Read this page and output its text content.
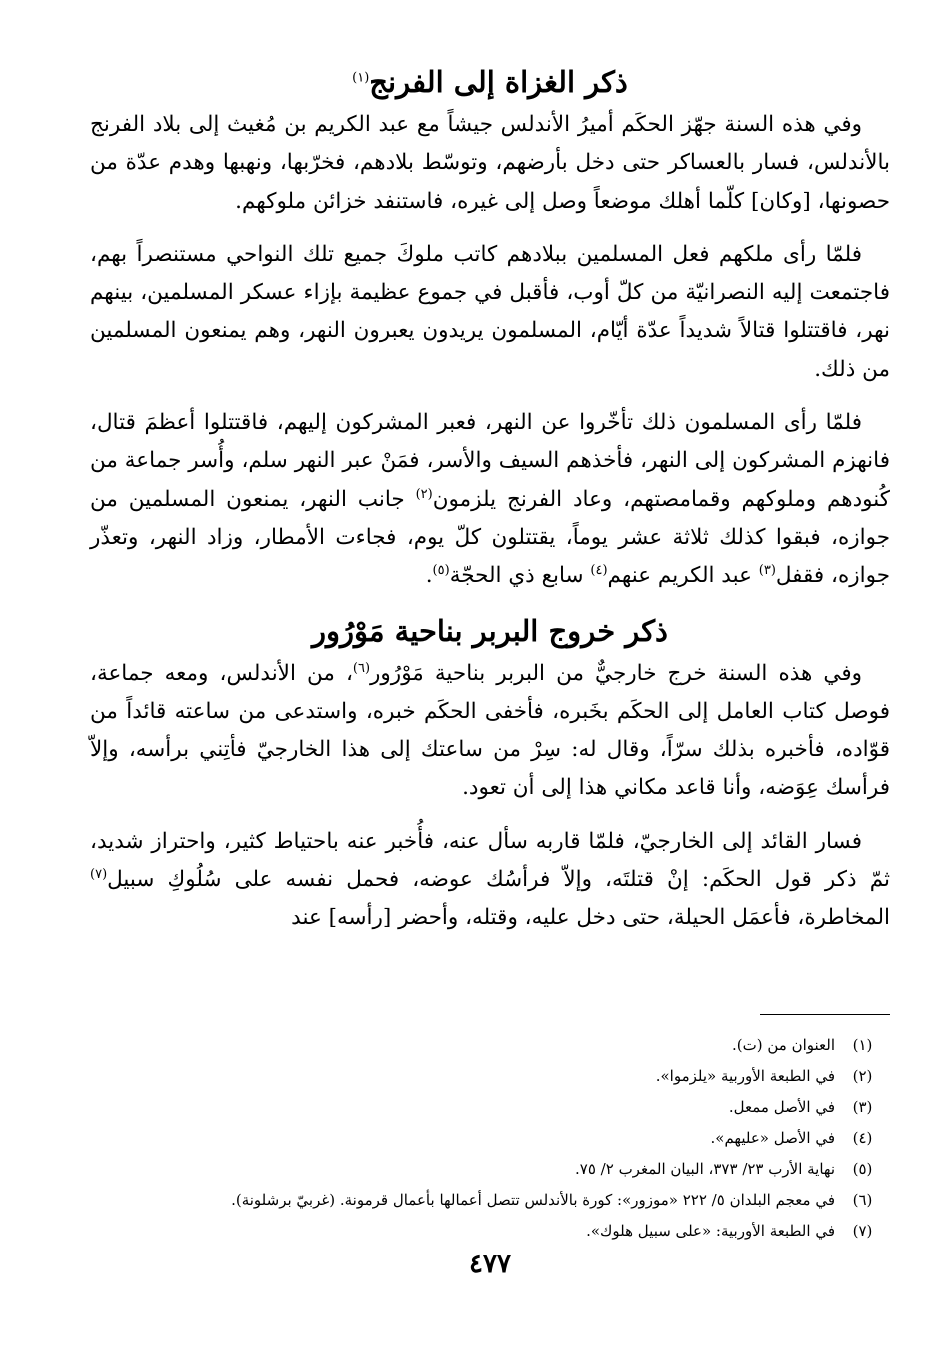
ذكر الغزاة إلى الفرنج$^{(١)}$

وفي هذه السنة جهّز الحكَم أميرُ الأندلس جيشاً مع عبد الكريم بن مُغيث إلى بلاد الفرنج بالأندلس، فسار بالعساكر حتى دخل بأرضهم، وتوسّط بلادهم، فخرّبها، ونهبها وهدم عدّة من حصونها، [وكان] كلّما أهلك موضعاً وصل إلى غيره، فاستنفد خزائن ملوكهم.

فلمّا رأى ملكهم فعل المسلمين ببلادهم كاتب ملوكَ جميع تلك النواحي مستنصراً بهم، فاجتمعت إليه النصرانيّة من كلّ أوب، فأقبل في جموع عظيمة بإزاء عسكر المسلمين، بينهم نهر، فاقتتلوا قتالاً شديداً عدّة أيّام، المسلمون يريدون يعبرون النهر، وهم يمنعون المسلمين من ذلك.

فلمّا رأى المسلمون ذلك تأخّروا عن النهر، فعبر المشركون إليهم، فاقتتلوا أعظمَ قتال، فانهزم المشركون إلى النهر، فأخذهم السيف والأسر، فمَنْ عبر النهر سلم، وأُسر جماعة من كُنودهم وملوكهم وقمامصتهم، وعاد الفرنج يلزمون$^{(٢)}$ جانب النهر، يمنعون المسلمين من جوازه، فبقوا كذلك ثلاثة عشر يوماً، يقتتلون كلّ يوم، فجاءت الأمطار، وزاد النهر، وتعذّر جوازه، فقفل$^{(٣)}$ عبد الكريم عنهم$^{(٤)}$ سابع ذي الحجّة$^{(٥)}$.

ذكر خروج البربر بناحية مَوْرُور

وفي هذه السنة خرج خارجيٌّ من البربر بناحية مَوْرُور$^{(٦)}$، من الأندلس، ومعه جماعة، فوصل كتاب العامل إلى الحكَم بخَبره، فأخفى الحكَم خبره، واستدعى من ساعته قائداً من قوّاده، فأخبره بذلك سرّاً، وقال له: سِرْ من ساعتك إلى هذا الخارجيّ فأتِني برأسه، وإلاّ فرأسك عِوَضه، وأنا قاعد مكاني هذا إلى أن تعود.

فسار القائد إلى الخارجيّ، فلمّا قاربه سأل عنه، فأُخبر عنه باحتياط كثير، واحتراز شديد، ثمّ ذكر قول الحكَم: إنْ قتلتَه، وإلاّ فرأسُك عوضه، فحمل نفسه على سُلُوكِ سبيل$^{(٧)}$ المخاطرة، فأعمَل الحيلة، حتى دخل عليه، وقتله، وأحضر [رأسه] عند

(١)
العنوان من (ت).
(٢)
في الطبعة الأوربية «يلزموا».
(٣)
في الأصل ممعل.
(٤)
في الأصل «عليهم».
(٥)
نهاية الأرب ٢٣/ ٣٧٣، البيان المغرب ٢/ ٧٥.
(٦)
في معجم البلدان ٥/ ٢٢٢ «موزور»: كورة بالأندلس تتصل أعمالها بأعمال قرمونة. (غربيّ برشلونة).
(٧)
في الطبعة الأوربية: «على سبيل هلوك».
٤٧٧
